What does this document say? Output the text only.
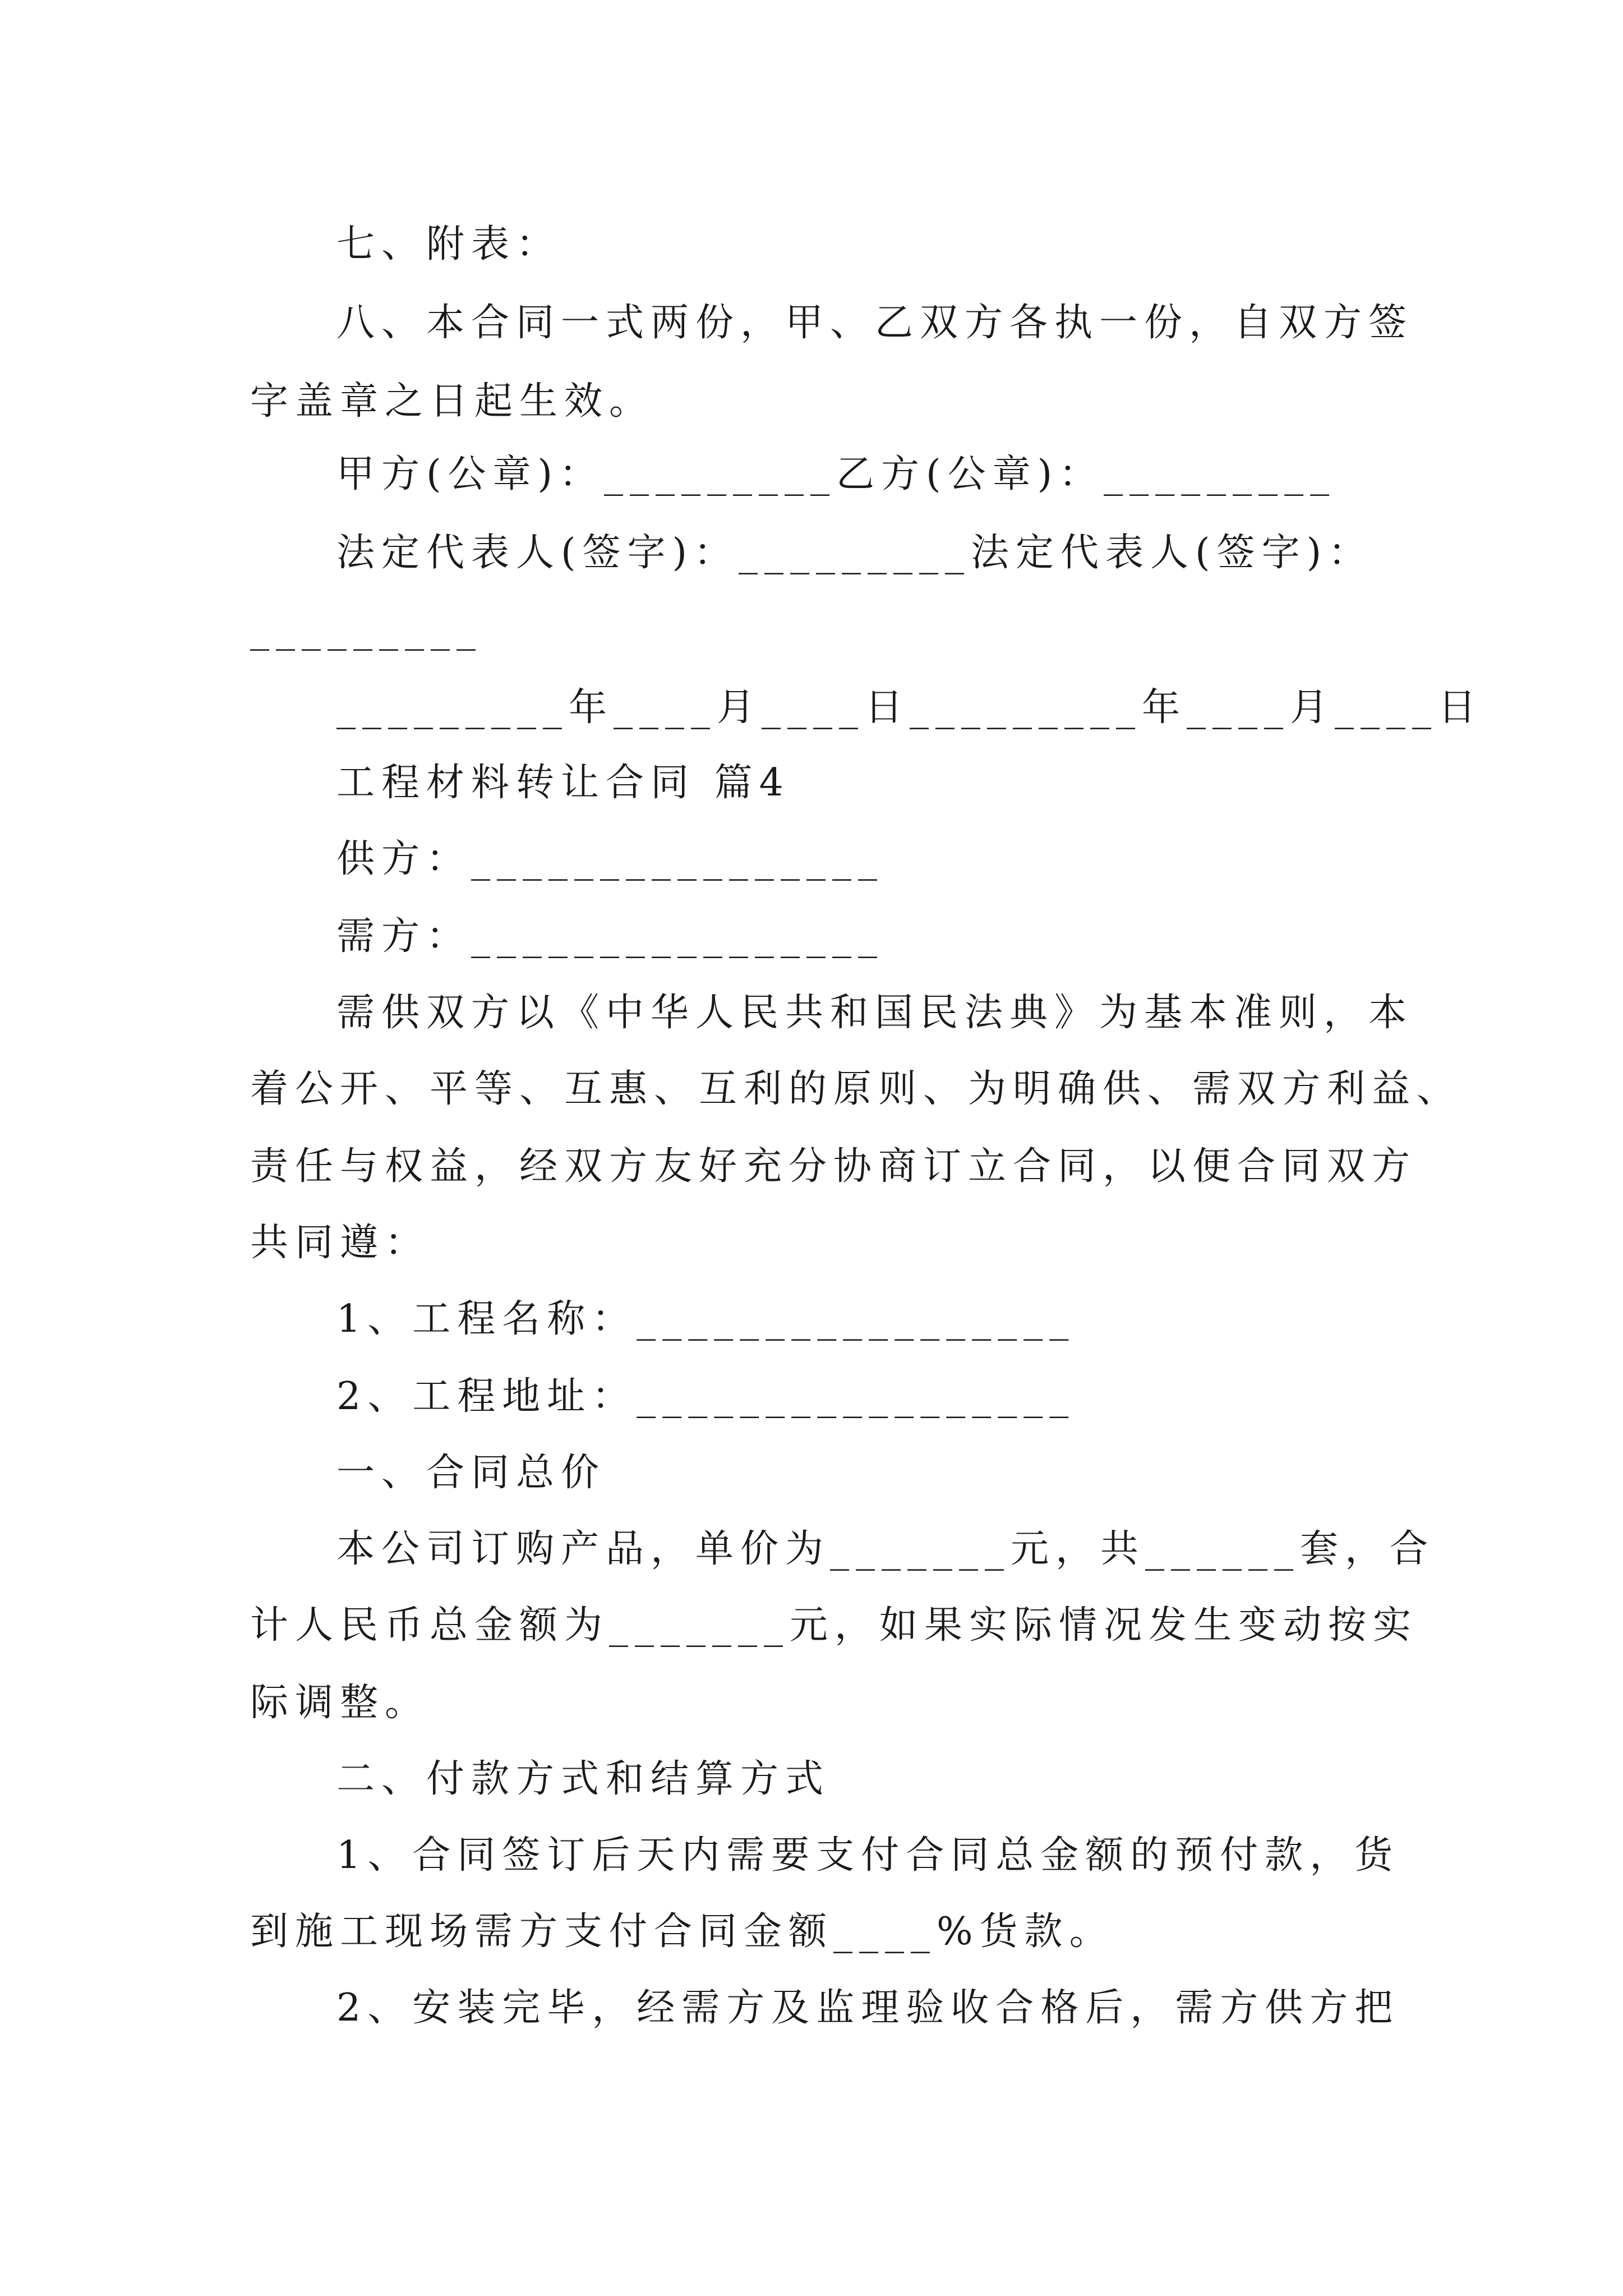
七、附表：
八、本合同一式两份，甲、乙双方各执一份，自双方签
字盖章之日起生效。
甲方(公章)：_________乙方(公章)：_________
法定代表人(签字)：_________法定代表人(签字)：
_________
_________年____月____日_________年____月____日
工程材料转让合同 篇4
供方：________________
需方：________________
需供双方以《中华人民共和国民法典》为基本准则，本
着公开、平等、互惠、互利的原则、为明确供、需双方利益、
责任与权益，经双方友好充分协商订立合同，以便合同双方
共同遵：
1、工程名称：_________________
2、工程地址：_________________
一、合同总价
本公司订购产品，单价为_______元，共______套，合
计人民币总金额为_______元，如果实际情况发生变动按实
际调整。
二、付款方式和结算方式
1、合同签订后天内需要支付合同总金额的预付款，货
到施工现场需方支付合同金额____%货款。
2、安装完毕，经需方及监理验收合格后，需方供方把
